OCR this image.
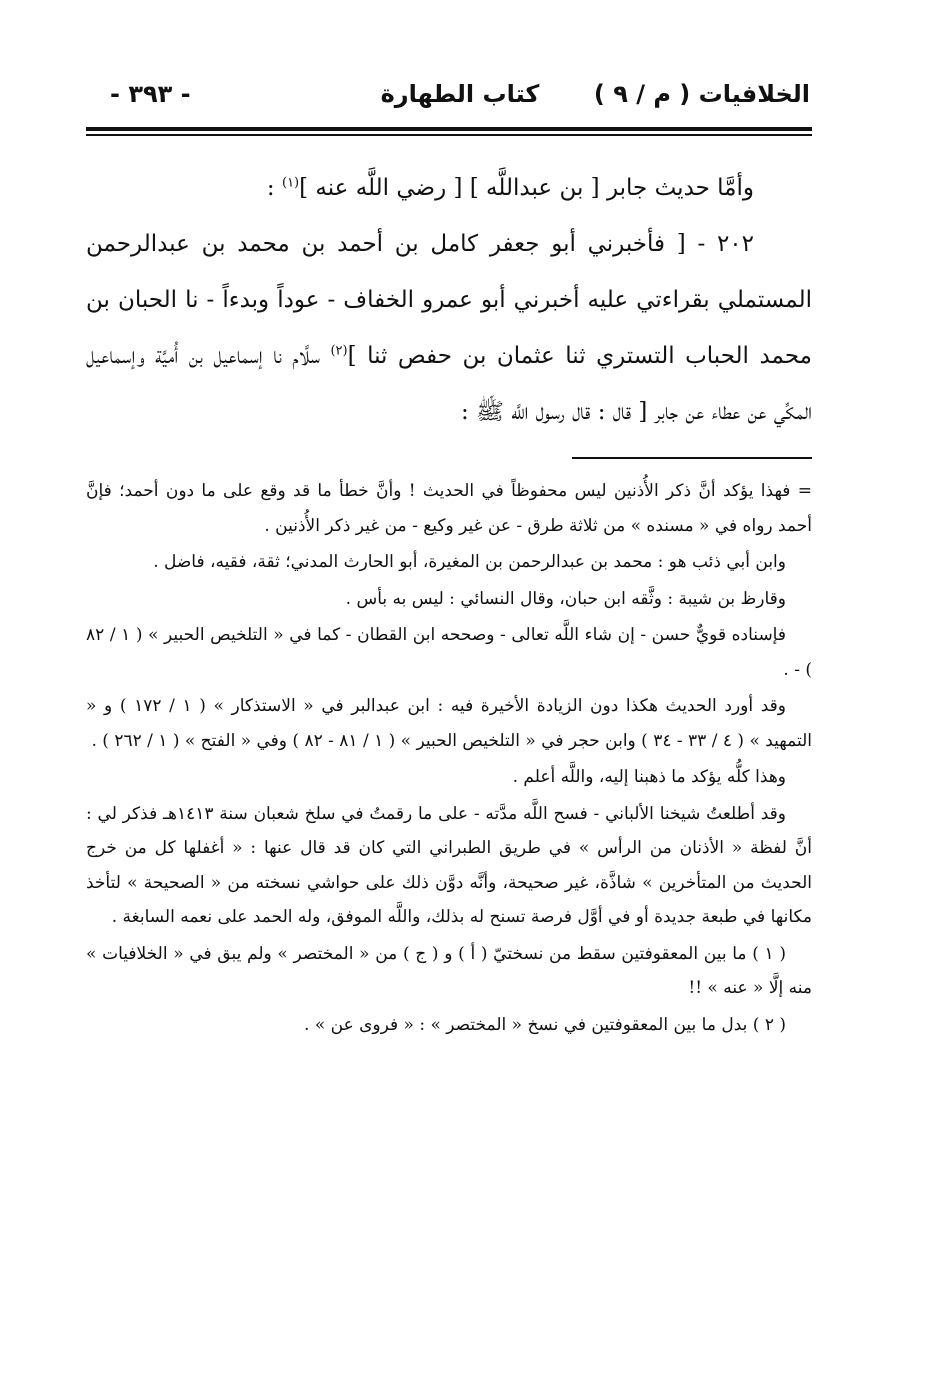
الخلافيات ( م / ٩ )
كتاب الطهارة
- ٣٩٣ -

وأمَّا حديث جابر [ بن عبداللَّه ] [ رضي اللَّه عنه ]$^{(١)}$ :

٢٠٢ - [ فأخبرني أبو جعفر كامل بن أحمد بن محمد بن عبدالرحمن المستملي بقراءتي عليه أخبرني أبو عمرو الخفاف - عوداً وبدءاً - نا الحبان بن محمد الحباب التستري ثنا عثمان بن حفص ثنا ]$^{(٢)}$ سلَّام نا إسماعيل بن أُميَّة وإسماعيل المكِّي عن عطاء عن جابر [ قال : قال رسول اللَّه ﷺ :

= فهذا يؤكد أنَّ ذكر الأُذنين ليس محفوظاً في الحديث ! وأنَّ خطأ ما قد وقع على ما دون أحمد؛ فإنَّ أحمد رواه في « مسنده » من ثلاثة طرق - عن غير وكيع - من غير ذكر الأُذنين .

وابن أبي ذئب هو : محمد بن عبدالرحمن بن المغيرة، أبو الحارث المدني؛ ثقة، فقيه، فاضل .

وقارظ بن شيبة : وثَّقه ابن حبان، وقال النسائي : ليس به بأس .

فإسناده قويٌّ حسن - إن شاء اللَّه تعالى - وصححه ابن القطان - كما في « التلخيص الحبير » ( ١ / ٨٢ ) - .

وقد أورد الحديث هكذا دون الزيادة الأخيرة فيه : ابن عبدالبر في « الاستذكار » ( ١ / ١٧٢ ) و « التمهيد » ( ٤ / ٣٣ - ٣٤ ) وابن حجر في « التلخيص الحبير » ( ١ / ٨١ - ٨٢ ) وفي « الفتح » ( ١ / ٢٦٢ ) .

وهذا كلُّه يؤكد ما ذهبنا إليه، واللَّه أعلم .

وقد أطلعتُ شيخنا الألباني - فسح اللَّه مدَّته - على ما رقمتُ في سلخ شعبان سنة ١٤١٣هـ فذكر لي : أنَّ لفظة « الأذنان من الرأس » في طريق الطبراني التي كان قد قال عنها : « أغفلها كل من خرج الحديث من المتأخرين » شاذَّة، غير صحيحة، وأنَّه دوَّن ذلك على حواشي نسخته من « الصحيحة » لتأخذ مكانها في طبعة جديدة أو في أوَّل فرصة تسنح له بذلك، واللَّه الموفق، وله الحمد على نعمه السابغة .

( ١ ) ما بين المعقوفتين سقط من نسختيّ ( أ ) و ( ج ) من « المختصر » ولم يبق في « الخلافيات » منه إلَّا « عنه » !!

( ٢ ) بدل ما بين المعقوفتين في نسخ « المختصر » : « فروى عن » .
